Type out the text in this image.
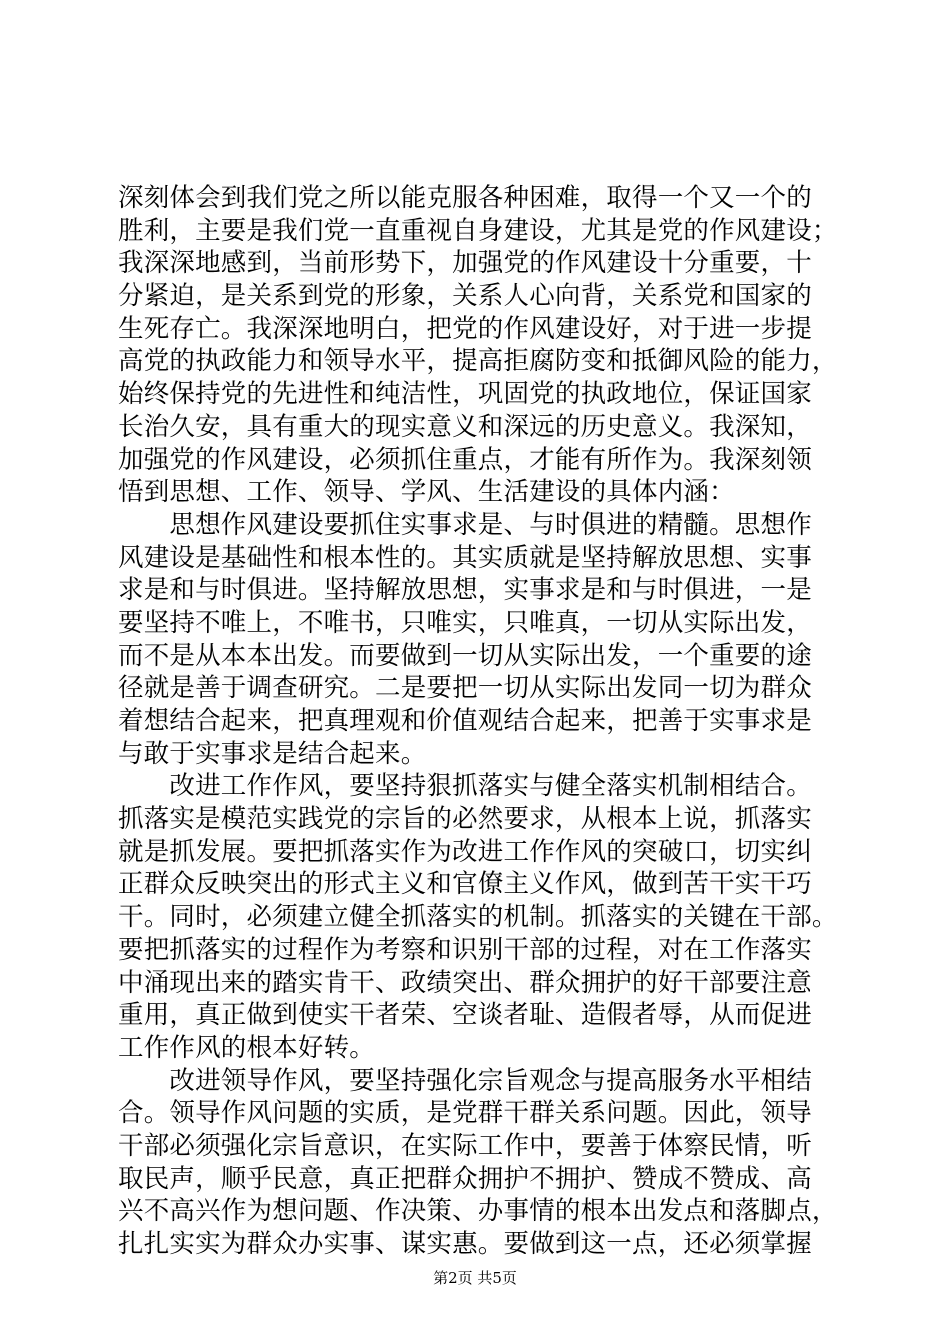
深刻体会到我们党之所以能克服各种困难，取得一个又一个的
胜利，主要是我们党一直重视自身建设，尤其是党的作风建设；
我深深地感到，当前形势下，加强党的作风建设十分重要，十
分紧迫，是关系到党的形象，关系人心向背，关系党和国家的
生死存亡。我深深地明白，把党的作风建设好，对于进一步提
高党的执政能力和领导水平，提高拒腐防变和抵御风险的能力，
始终保持党的先进性和纯洁性，巩固党的执政地位，保证国家
长治久安，具有重大的现实意义和深远的历史意义。我深知，
加强党的作风建设，必须抓住重点，才能有所作为。我深刻领
悟到思想、工作、领导、学风、生活建设的具体内涵：
　　思想作风建设要抓住实事求是、与时俱进的精髓。思想作
风建设是基础性和根本性的。其实质就是坚持解放思想、实事
求是和与时俱进。坚持解放思想，实事求是和与时俱进，一是
要坚持不唯上，不唯书，只唯实，只唯真，一切从实际出发，
而不是从本本出发。而要做到一切从实际出发，一个重要的途
径就是善于调查研究。二是要把一切从实际出发同一切为群众
着想结合起来，把真理观和价值观结合起来，把善于实事求是
与敢于实事求是结合起来。
　　改进工作作风，要坚持狠抓落实与健全落实机制相结合。
抓落实是模范实践党的宗旨的必然要求，从根本上说，抓落实
就是抓发展。要把抓落实作为改进工作作风的突破口，切实纠
正群众反映突出的形式主义和官僚主义作风，做到苦干实干巧
干。同时，必须建立健全抓落实的机制。抓落实的关键在干部。
要把抓落实的过程作为考察和识别干部的过程，对在工作落实
中涌现出来的踏实肯干、政绩突出、群众拥护的好干部要注意
重用，真正做到使实干者荣、空谈者耻、造假者辱，从而促进
工作作风的根本好转。
　　改进领导作风，要坚持强化宗旨观念与提高服务水平相结
合。领导作风问题的实质，是党群干群关系问题。因此，领导
干部必须强化宗旨意识，在实际工作中，要善于体察民情，听
取民声，顺乎民意，真正把群众拥护不拥护、赞成不赞成、高
兴不高兴作为想问题、作决策、办事情的根本出发点和落脚点，
扎扎实实为群众办实事、谋实惠。要做到这一点，还必须掌握
第2页 共5页
